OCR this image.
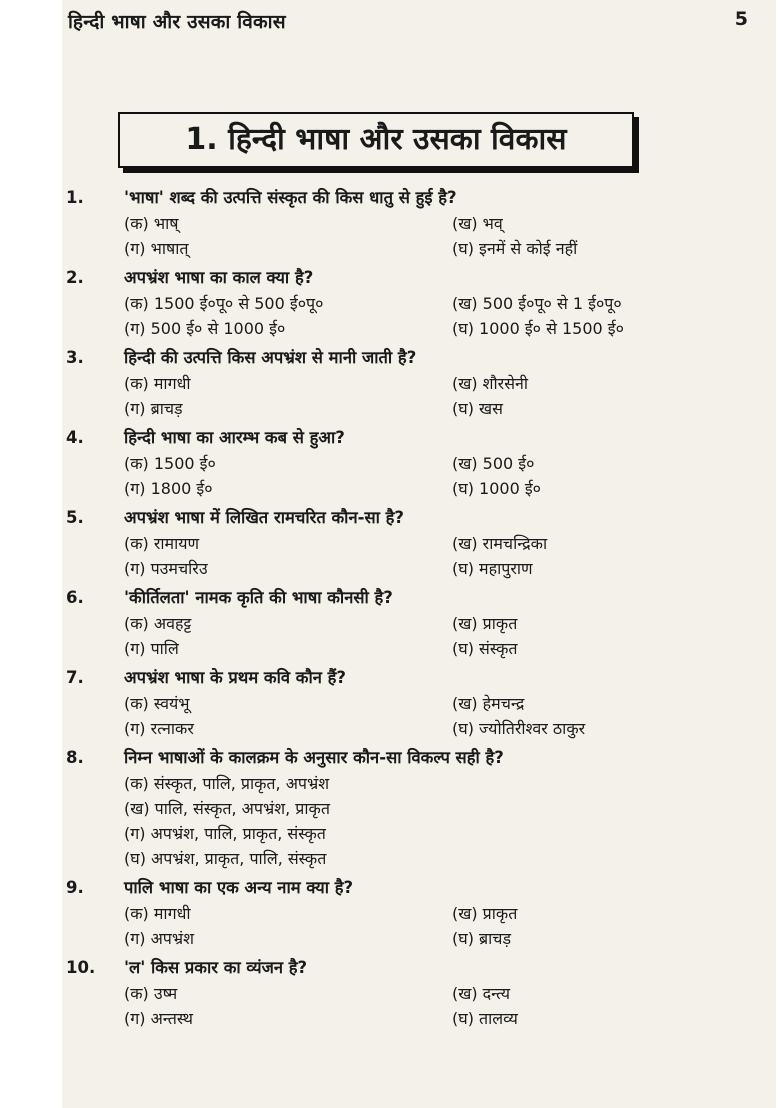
हिन्दी भाषा और उसका विकास	5
1. हिन्दी भाषा और उसका विकास
1.	'भाषा' शब्द की उत्पत्ति संस्कृत की किस धातु से हुई है?
(क) भाष्	(ख) भव्
(ग) भाषात्	(घ) इनमें से कोई नहीं
2.	अपभ्रंश भाषा का काल क्या है?
(क) 1500 ई०पू० से 500 ई०पू०	(ख) 500 ई०पू० से 1 ई०पू०
(ग) 500 ई० से 1000 ई०	(घ) 1000 ई० से 1500 ई०
3.	हिन्दी की उत्पत्ति किस अपभ्रंश से मानी जाती है?
(क) मागधी	(ख) शौरसेनी
(ग) ब्राचड़	(घ) खस
4.	हिन्दी भाषा का आरम्भ कब से हुआ?
(क) 1500 ई०	(ख) 500 ई०
(ग) 1800 ई०	(घ) 1000 ई०
5.	अपभ्रंश भाषा में लिखित रामचरित कौन-सा है?
(क) रामायण	(ख) रामचन्द्रिका
(ग) पउमचरिउ	(घ) महापुराण
6.	'कीर्तिलता' नामक कृति की भाषा कौनसी है?
(क) अवहट्ट	(ख) प्राकृत
(ग) पालि	(घ) संस्कृत
7.	अपभ्रंश भाषा के प्रथम कवि कौन हैं?
(क) स्वयंभू	(ख) हेमचन्द्र
(ग) रत्नाकर	(घ) ज्योतिरीश्वर ठाकुर
8.	निम्न भाषाओं के कालक्रम के अनुसार कौन-सा विकल्प सही है?
(क) संस्कृत, पालि, प्राकृत, अपभ्रंश
(ख) पालि, संस्कृत, अपभ्रंश, प्राकृत
(ग) अपभ्रंश, पालि, प्राकृत, संस्कृत
(घ) अपभ्रंश, प्राकृत, पालि, संस्कृत
9.	पालि भाषा का एक अन्य नाम क्या है?
(क) मागधी	(ख) प्राकृत
(ग) अपभ्रंश	(घ) ब्राचड़
10.	'ल' किस प्रकार का व्यंजन है?
(क) उष्म	(ख) दन्त्य
(ग) अन्तस्थ	(घ) तालव्य
